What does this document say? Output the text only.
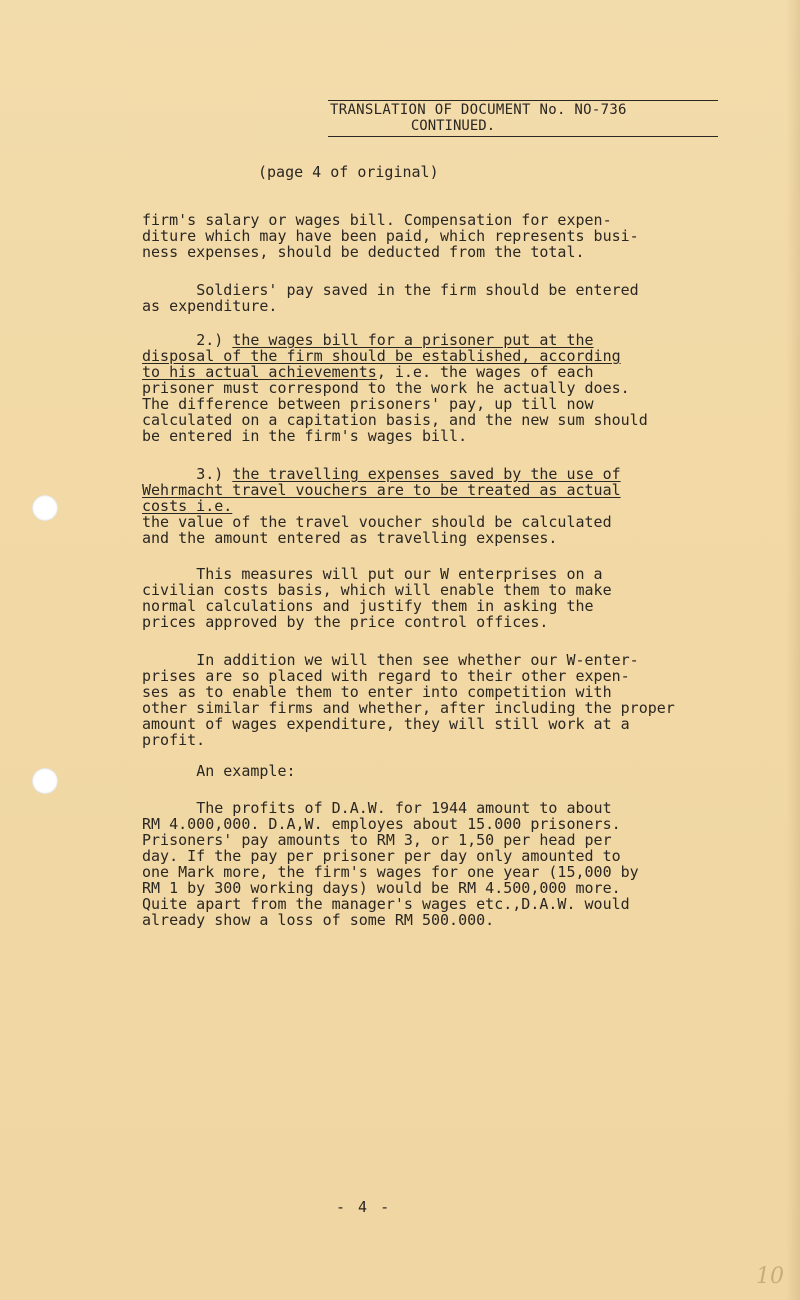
TRANSLATION OF DOCUMENT No. NO-736
CONTINUED.
(page 4 of original)
firm's salary or wages bill. Compensation for expen-
diture which may have been paid, which represents busi-
ness expenses, should be deducted from the total.
Soldiers' pay saved in the firm should be entered
as expenditure.
2.) the wages bill for a prisoner put at the
disposal of the firm should be established, according
to his actual achievements, i.e. the wages of each
prisoner must correspond to the work he actually does.
The difference between prisoners' pay, up till now
calculated on a capitation basis, and the new sum should
be entered in the firm's wages bill.
3.) the travelling expenses saved by the use of
Wehrmacht travel vouchers are to be treated as actual
costs i.e.
the value of the travel voucher should be calculated
and the amount entered as travelling expenses.
This measures will put our W enterprises on a
civilian costs basis, which will enable them to make
normal calculations and justify them in asking the
prices approved by the price control offices.
In addition we will then see whether our W-enter-
prises are so placed with regard to their other expen-
ses as to enable them to enter into competition with
other similar firms and whether, after including the proper
amount of wages expenditure, they will still work at a
profit.
An example:
The profits of D.A.W. for 1944 amount to about
RM 4.000,000. D.A,W. employes about 15.000 prisoners.
Prisoners' pay amounts to RM 3, or 1,50 per head per
day. If the pay per prisoner per day only amounted to
one Mark more, the firm's wages for one year (15,000 by
RM 1 by 300 working days) would be RM 4.500,000 more.
Quite apart from the manager's wages etc.,D.A.W. would
already show a loss of some RM 500.000.
- 4 -
10
